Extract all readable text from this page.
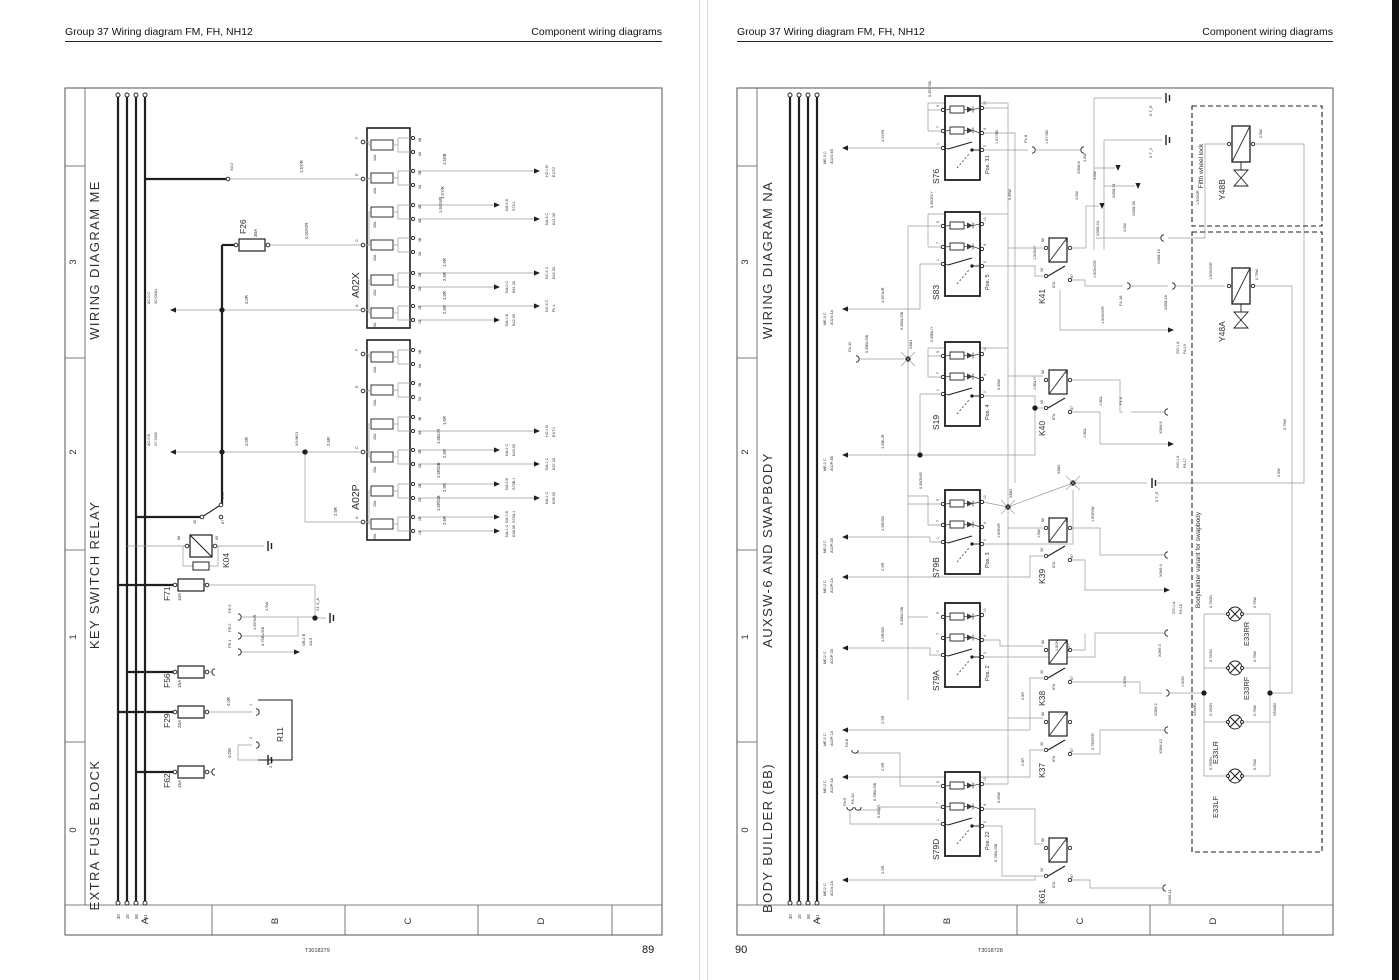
Group 37 Wiring diagram FM, FH, NH12	Component wiring diagrams	Group 37 Wiring diagram FM, FH, NH12	Component wiring diagrams
3
2
1
0
A	B	C	D
WIRING DIAGRAM ME
KEY SWITCH RELAY
EXTRA FUSE BLOCK
30 15 58 61
6B
6A
10A
5B
5A
10A
4B
4A
15A
3B
3A
15A
2B
2A
15A
1B
1A
15A
F
E
C
A
A02X
6B
6A
10A
5B
5A
10A
4B
4A
15A
3B
3A
15A
2B
2A
15A
1B
1A
15A
F
E
C
A
A02P
F26 30A
F71 10A
F56 15A
F29 20A
F62 15A
K04
R11
30
87A
87
86	85
1
2
X0:2
X0:ME1
X1.4_A
2.T_D
FE:3
FE:2
FE:1
1.5Y/R
4.0GN/R
4.0R
4.0R	2.5R
2.5R
1.5W
1.5GN/R
0.75BL/SB
4.0R
4.0W
AC:0 C X0:CM11
AC:0 B X7:CM3
OB:2 B XA:9
1.5SB
1.5Y/R
1.5GN/R
1.5R
2.5R
1.5R
2.5R
HZ:1 B EXT:2
NA:4 B S76.1
NA:3 C K41.30
NC:3 C K42.30
NA:0 C K61.30
NC:3 C PL:1
NA:1 B K42.30
1.5R
1.5BL/R
2.5R
1.5R/SB
2.5R
1.5R/SB
2.5R
HZ:1 B EXT:1
NA:2 C K40.30
NA:1 C K37.30
NA:2 B S79B.1
NA:1 C K39.30
NA:1 B S79A.1
NA:1 C K38.30
3
2
1
0
A	B	C	D
WIRING DIAGRAM NA
AUXSW-6 AND SWAPBODY
BODY BUILDER (BB)
30 15 58 61
9
7
1
10
4
2
S76
Pos. 31
9
7
1
10
4
2
S83
Pos. 5
9
7
1
10
4
2
S19
Pos. 4
9
7
1
10
4
2
S79B	Pos. 3
9
7
1
10
4
2
S79A	Pos. 2
9
7
1
10
4
2
S79D	Pos. 22
86	85
30
87
87A
K41
86	85
30
87
87A
K40
86	85
30
87
87A
K39
86	85
30
87
87A
K38
86	85
30
87
87A
K37
86	85
30
87
87A
K61
Y48B
Y48A
ME:3 C A02X:4B
ME:3 C A02X:4A
ME:2 C A02P:3B
ME:2 C A02P:2B
ME:2 C A02P:2A
ME:2 C A02P:1B
ME:2 C A02P:1A
ME:2 C A02P:3A
ME:2 C A02X:2A
1.5Y/R
1.5GN/R
1.5BL/R
1.5R/SB
2.5R
1.5R/SB
2.5R
2.5R
2.5R
0.35Y/SB
0.35GN/Y
0.35BL/Y
0.35GN/R
0.35BL/SB
0.35BL/SB
0.35BL/SB
X881
X882
X880
0.35W
0.35W
0.35W
0.75BL/SB
0.35GR
0.75BL/SB
FA:8
FA:9 FA:10
FA:11
1.5Y/SB	PL:8	1.5Y/SB
X058:8
1.5GN/Y
1.5GN/GR
1.5GN/GR
GG:1 A FA:19
4.0W
4.0W
4.0W
4.0W
X058:31
X058:30
X058:24
X058:19
6.T_E
5.T_2
2.T_E
1.5GN/R
2.5W
2.5W
X058:18
PL:18
0.75W
0.75W
1.5GN/GR
1.5BL/Y
PL:6
1.5BL
X066:5
1.5BL
GG:1 A FA:17
1.5GN/R	1.5W
1.5GR/W
X066:4
GG:1 A FA:16
1.5GN 1.5Y	X066:3
1.5GN
X066:2
1.5GN
X5W81	X5W82
0.75GN
0.75GN
0.75GN
0.75GN
0.75W
0.75W
0.75W
0.75W
E33RR
E33RF
E33LR
E33LF
X066:12
0.75GR/R
X066:11
2.5R
2.5R
Fifth wheel lock
Bodybuilder variant for swapbody
T3018279	89	90	T3018728
